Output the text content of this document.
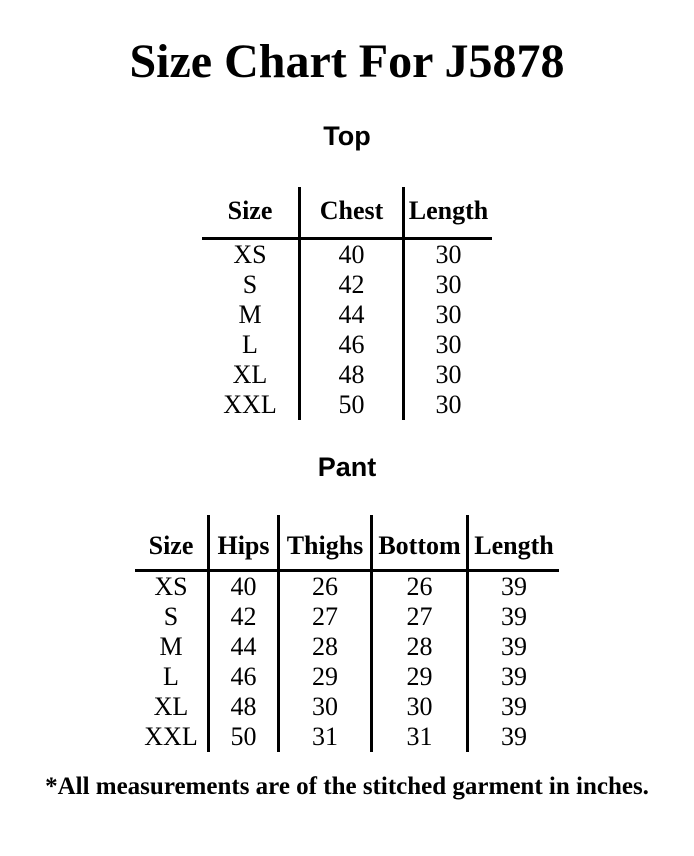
Size Chart For J5878
Top
Size	Chest	Length
XS	40	30
S	42	30
M	44	30
L	46	30
XL	48	30
XXL	50	30
Pant
Size	Hips	Thighs	Bottom	Length
XS	40	26	26	39
S	42	27	27	39
M	44	28	28	39
L	46	29	29	39
XL	48	30	30	39
XXL	50	31	31	39

*All measurements are of the stitched garment in inches.
